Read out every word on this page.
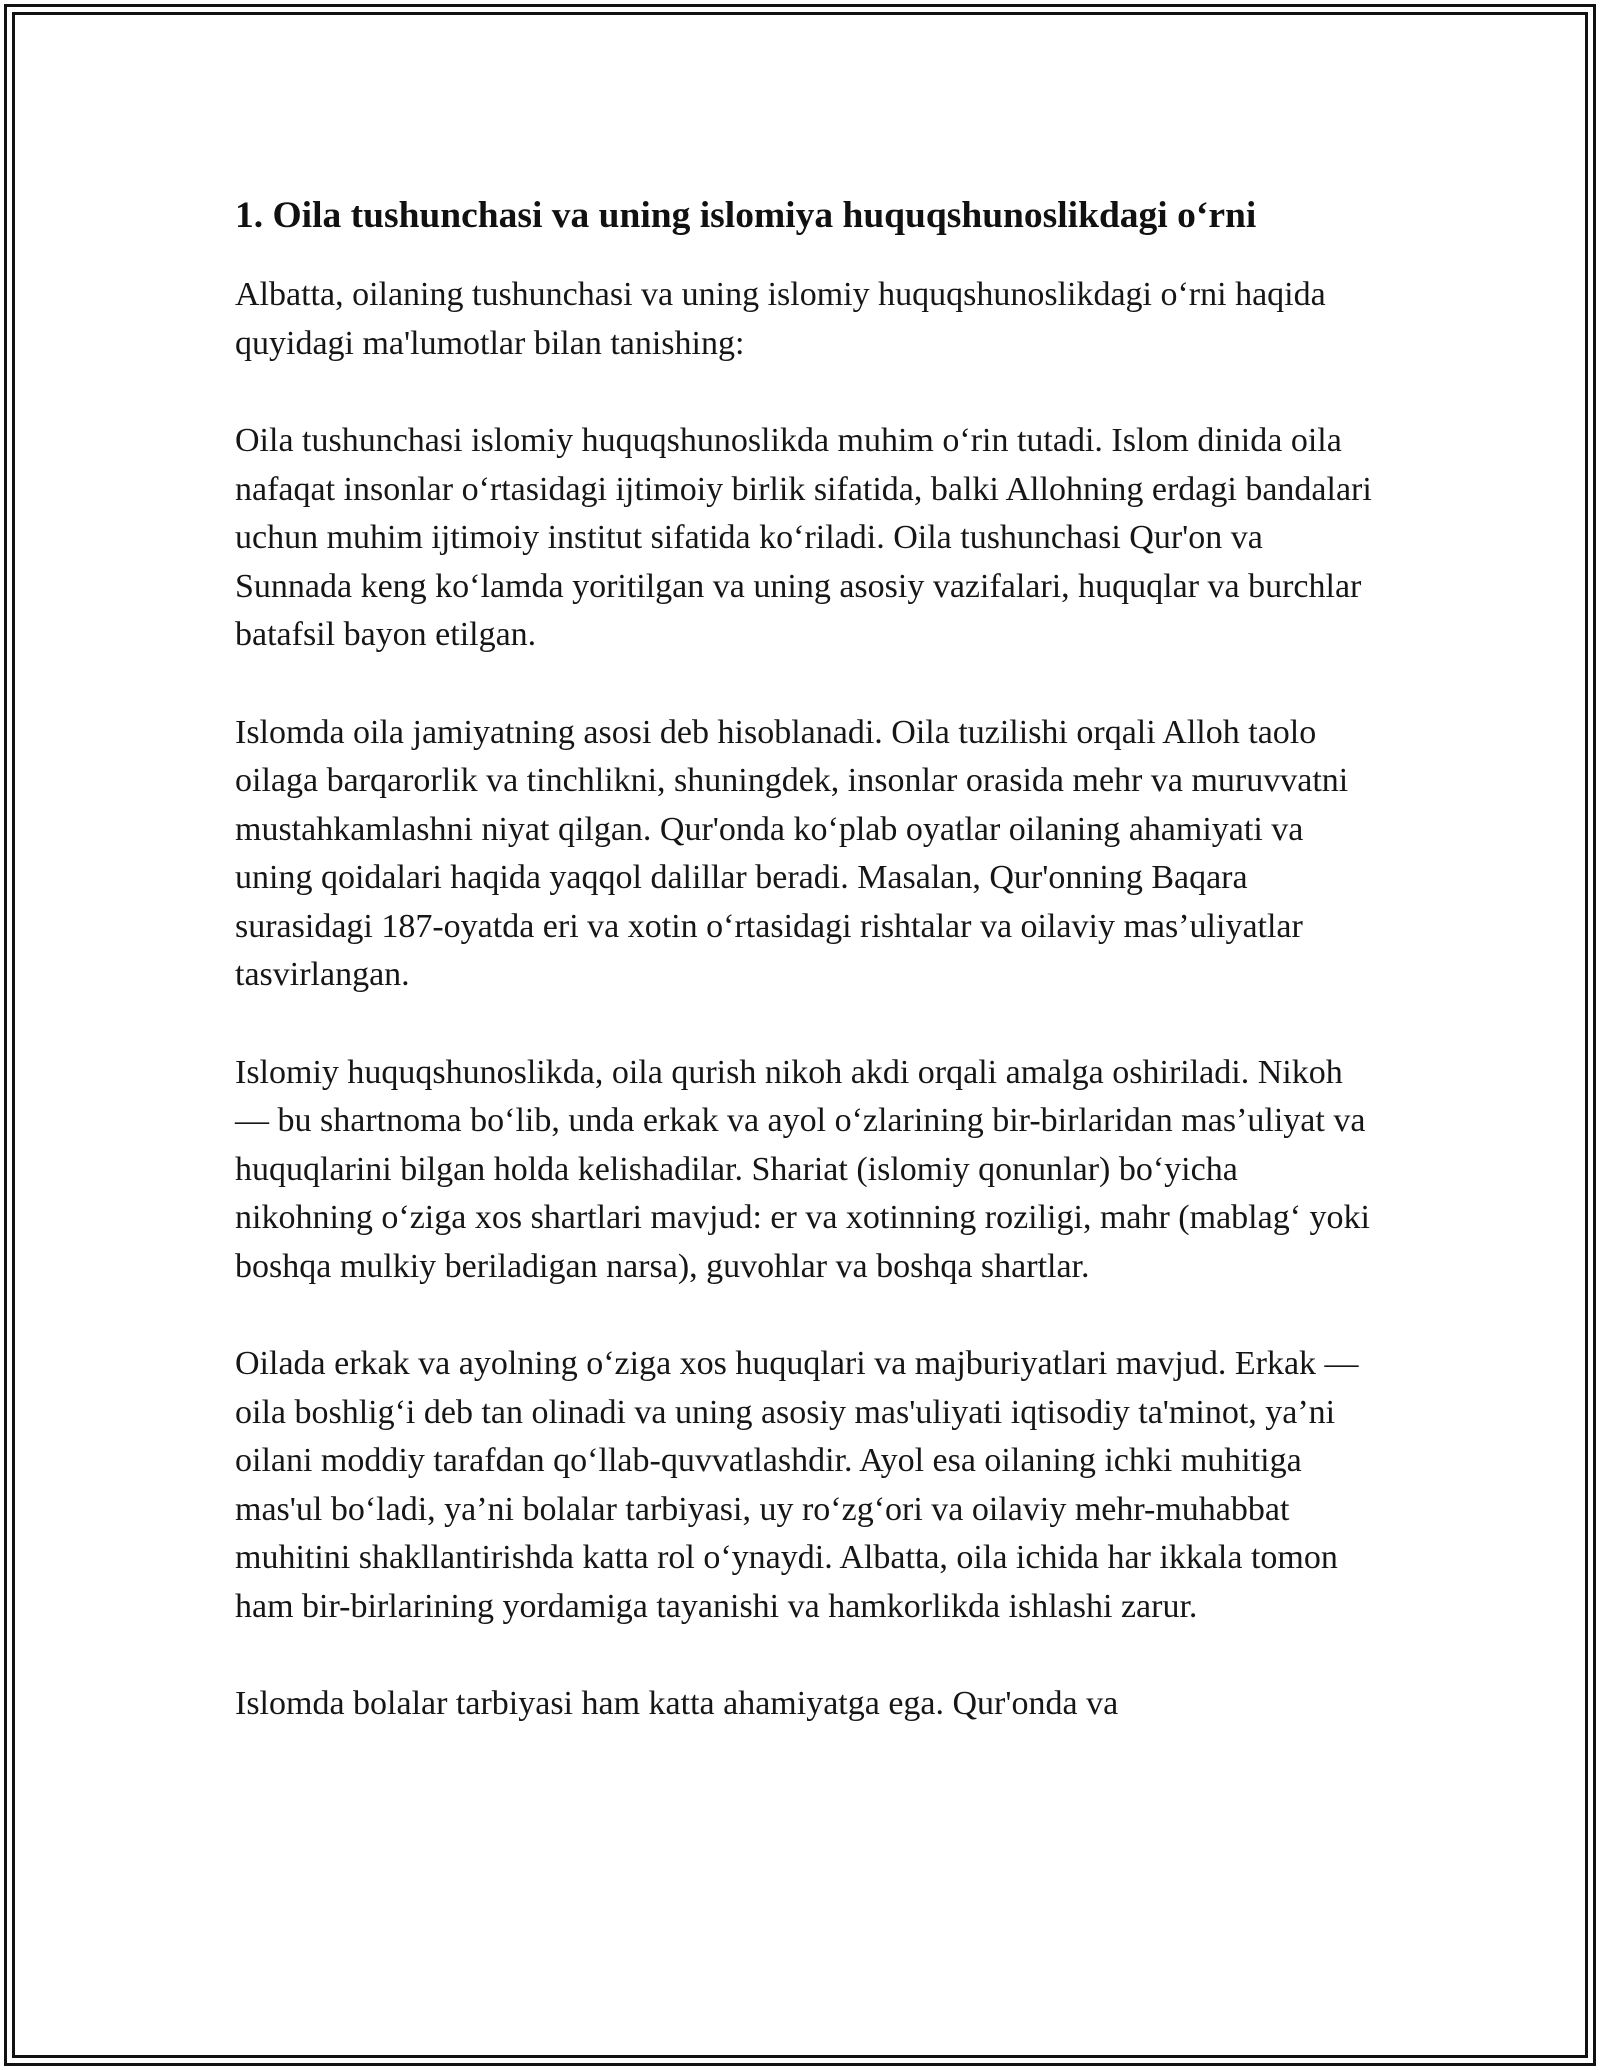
1. Oila tushunchasi va uning islomiya huquqshunoslikdagi o‘rni

Albatta, oilaning tushunchasi va uning islomiy huquqshunoslikdagi o‘rni haqida quyidagi ma'lumotlar bilan tanishing:

Oila tushunchasi islomiy huquqshunoslikda muhim o‘rin tutadi. Islom dinida oila nafaqat insonlar o‘rtasidagi ijtimoiy birlik sifatida, balki Allohning erdagi bandalari uchun muhim ijtimoiy institut sifatida ko‘riladi. Oila tushunchasi Qur'on va Sunnada keng ko‘lamda yoritilgan va uning asosiy vazifalari, huquqlar va burchlar batafsil bayon etilgan.

Islomda oila jamiyatning asosi deb hisoblanadi. Oila tuzilishi orqali Alloh taolo oilaga barqarorlik va tinchlikni, shuningdek, insonlar orasida mehr va muruvvatni mustahkamlashni niyat qilgan. Qur'onda ko‘plab oyatlar oilaning ahamiyati va uning qoidalari haqida yaqqol dalillar beradi. Masalan, Qur'onning Baqara surasidagi 187-oyatda eri va xotin o‘rtasidagi rishtalar va oilaviy mas’uliyatlar tasvirlangan.

Islomiy huquqshunoslikda, oila qurish nikoh akdi orqali amalga oshiriladi. Nikoh — bu shartnoma bo‘lib, unda erkak va ayol o‘zlarining bir-birlaridan mas’uliyat va huquqlarini bilgan holda kelishadilar. Shariat (islomiy qonunlar) bo‘yicha nikohning o‘ziga xos shartlari mavjud: er va xotinning roziligi, mahr (mablag‘ yoki boshqa mulkiy beriladigan narsa), guvohlar va boshqa shartlar.

Oilada erkak va ayolning o‘ziga xos huquqlari va majburiyatlari mavjud. Erkak — oila boshlig‘i deb tan olinadi va uning asosiy mas'uliyati iqtisodiy ta'minot, ya’ni oilani moddiy tarafdan qo‘llab-quvvatlashdir. Ayol esa oilaning ichki muhitiga mas'ul bo‘ladi, ya’ni bolalar tarbiyasi, uy ro‘zg‘ori va oilaviy mehr-muhabbat muhitini shakllantirishda katta rol o‘ynaydi. Albatta, oila ichida har ikkala tomon ham bir-birlarining yordamiga tayanishi va hamkorlikda ishlashi zarur.

Islomda bolalar tarbiyasi ham katta ahamiyatga ega. Qur'onda va
